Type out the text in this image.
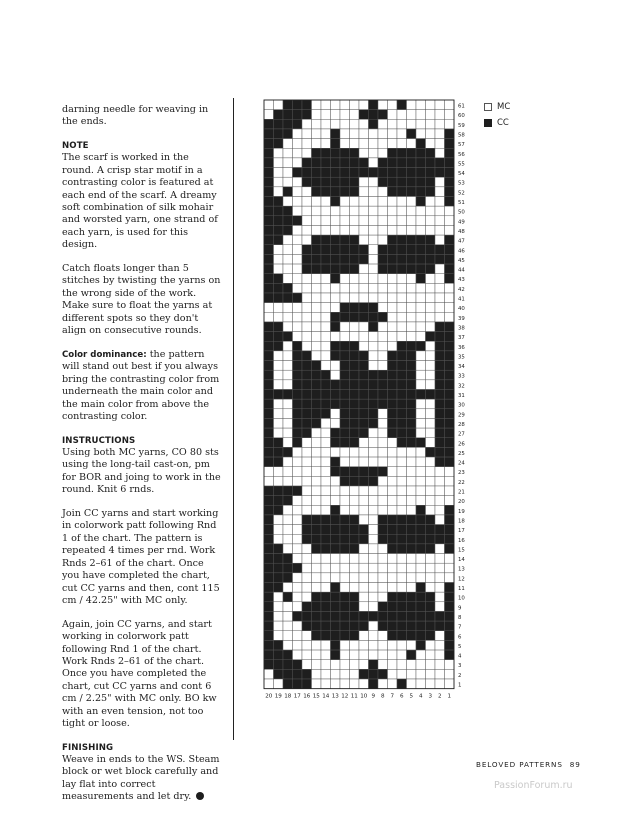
darning needle for weaving in the ends.

NOTE

The scarf is worked in the round. A crisp star motif in a contrasting color is featured at each end of the scarf. A dreamy soft combination of silk mohair and worsted yarn, one strand of each yarn, is used for this design.

Catch floats longer than 5 stitches by twisting the yarns on the wrong side of the work. Make sure to float the yarns at different spots so they don't align on consecutive rounds.

Color dominance: the pattern will stand out best if you always bring the contrasting color from underneath the main color and the main color from above the contrasting color.

INSTRUCTIONS

Using both MC yarns, CO 80 sts using the long-tail cast-on, pm for BOR and joing to work in the round. Knit 6 rnds.

Join CC yarns and start working in colorwork patt following Rnd 1 of the chart. The pattern is repeated 4 times per rnd. Work Rnds 2–61 of the chart. Once you have completed the chart, cut CC yarns and then, cont 115 cm / 42.25" with MC only.

Again, join CC yarns, and start working in colorwork patt following Rnd 1 of the chart. Work Rnds 2–61 of the chart. Once you have completed the chart, cut CC yarns and cont 6 cm / 2.25" with MC only. BO kw with an even tension, not too tight or loose.

FINISHING

Weave in ends to the WS. Steam block or wet block carefully and lay flat into correct measurements and let dry.

61
60
59
58
57
56
55
54
53
52
51
50
49
48
47
46
45
44
43
42
41
40
39
38
37
36
35
34
33
32
31
30
29
28
27
26
25
24
23
22
21
20
19
18
17
16
15
14
13
12
11
10
9
8
7
6
5
4
3
2
1
20 19 18 17 16 15 14 13 12 11 10 9 8 7 6 5 4 3 2 1
MC
CC
BELOVED PATTERNS 89
PassionForum.ru
